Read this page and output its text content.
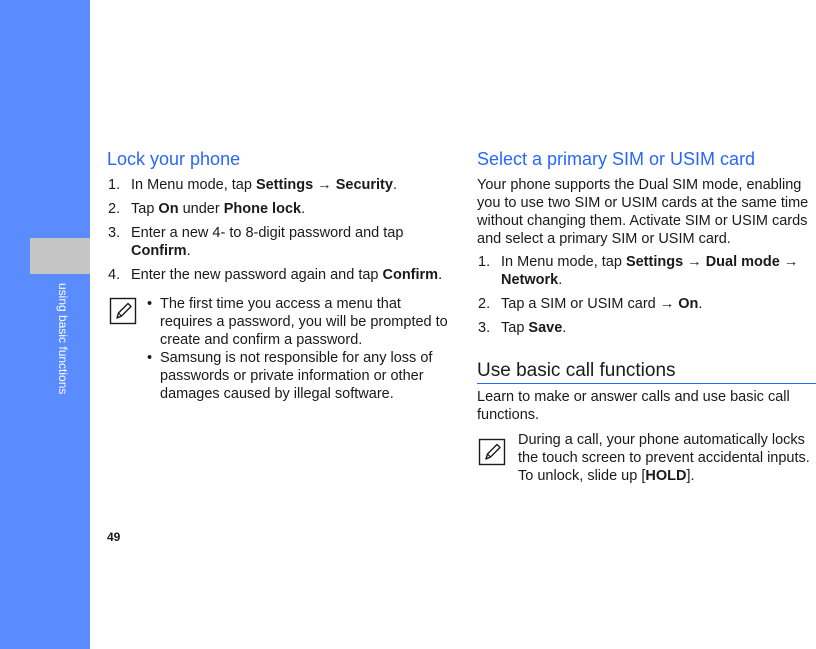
using basic functions
49
Lock your phone
1. In Menu mode, tap Settings → Security.
2. Tap On under Phone lock.
3. Enter a new 4- to 8-digit password and tap Confirm.
4. Enter the new password again and tap Confirm.
• The first time you access a menu that requires a password, you will be prompted to create and confirm a password.
• Samsung is not responsible for any loss of passwords or private information or other damages caused by illegal software.
Select a primary SIM or USIM card

Your phone supports the Dual SIM mode, enabling you to use two SIM or USIM cards at the same time without changing them. Activate SIM or USIM cards and select a primary SIM or USIM card.

1. In Menu mode, tap Settings → Dual mode → Network.
2. Tap a SIM or USIM card → On.
3. Tap Save.
Use basic call functions

Learn to make or answer calls and use basic call functions.

During a call, your phone automatically locks the touch screen to prevent accidental inputs. To unlock, slide up [HOLD].
